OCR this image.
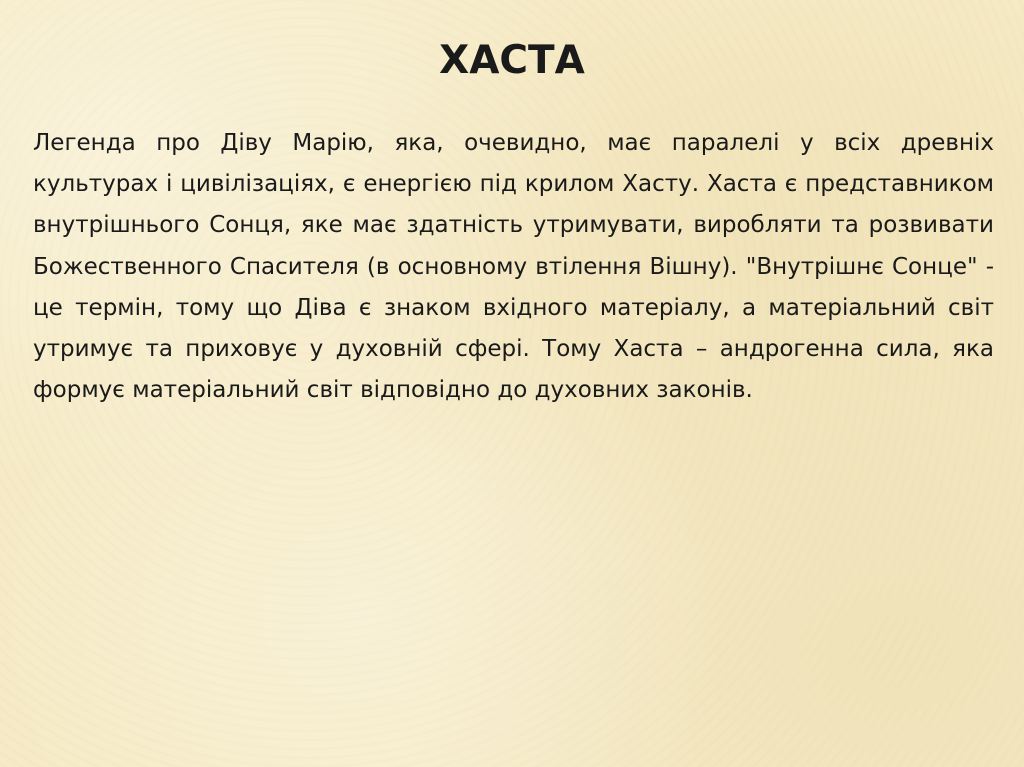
ХАСТА

Легенда про Діву Марію, яка, очевидно, має паралелі у всіх древніх культурах і цивілізаціях, є енергією під крилом Хасту. Хаста є представником внутрішнього Сонця, яке має здатність утримувати, виробляти та розвивати Божественного Спасителя (в основному втілення Вішну). "Внутрішнє Сонце" - це термін, тому що Діва є знаком вхідного матеріалу, а матеріальний світ утримує та приховує у духовній сфері. Тому Хаста – андрогенна сила, яка формує матеріальний світ відповідно до духовних законів.
